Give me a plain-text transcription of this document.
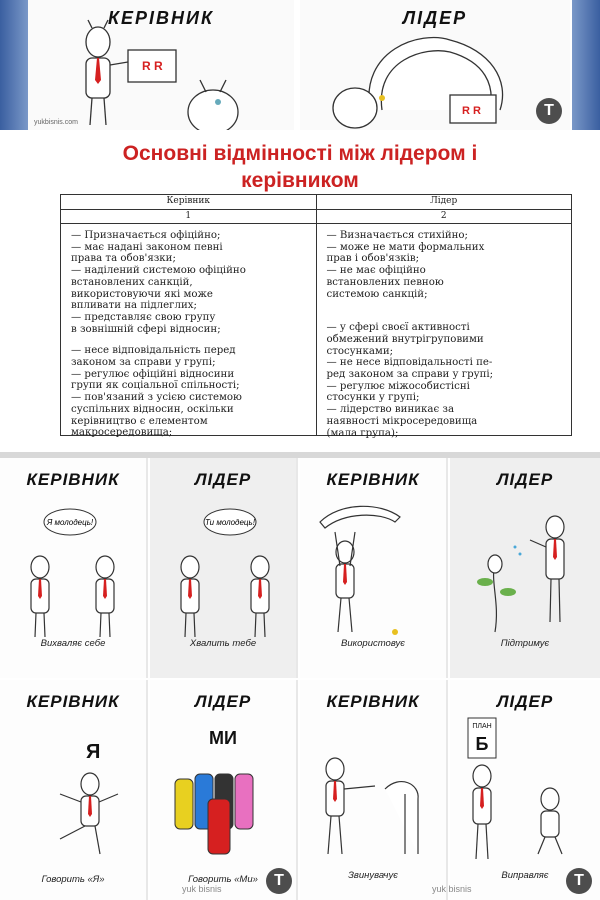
КЕРІВНИК
R R
yukbisnis.com
ЛІДЕР
R R	T
Основні відмінності між лідером і
керівником
Керівник	Лідер
1	2
— Призначається офіційно;
— має надані законом певні
права та обов'язки;
— наділений системою офіційно
встановлених санкцій,
використовуючи які може
впливати на підлеглих;
— представляє свою групу
в зовнішній сфері відносин;
— несе відповідальність перед
законом за справи у групі;
— регулює офіційні відносини
групи як соціальної спільності;
— пов'язаний з усією системою
суспільних відносин, оскільки
керівництво є елементом
макросередовища;
— Визначається стихійно;
— може не мати формальних
прав і обов'язків;
— не має офіційно
встановлених певною
системою санкцій;
— у сфері своєї активності
обмежений внутрігруповими
стосунками;
— не несе відповідальності пе-
ред законом за справи у групі;
— регулює міжособистісні
стосунки у групі;
— лідерство виникає за
наявності мікросередовища
(мала група);
КЕРІВНИК
Я молодець!
Вихваляє себе
ЛІДЕР
Ти молодець!
Хвалить тебе
КЕРІВНИК
Використовує
ЛІДЕР
Підтримує
КЕРІВНИК
Я
Говорить «Я»
ЛІДЕР
МИ
Говорить «Ми»
КЕРІВНИК
Звинувачує
ЛІДЕР
ПЛАН
Б
Виправляє
yuk bisnis	T	yuk bisnis	T
